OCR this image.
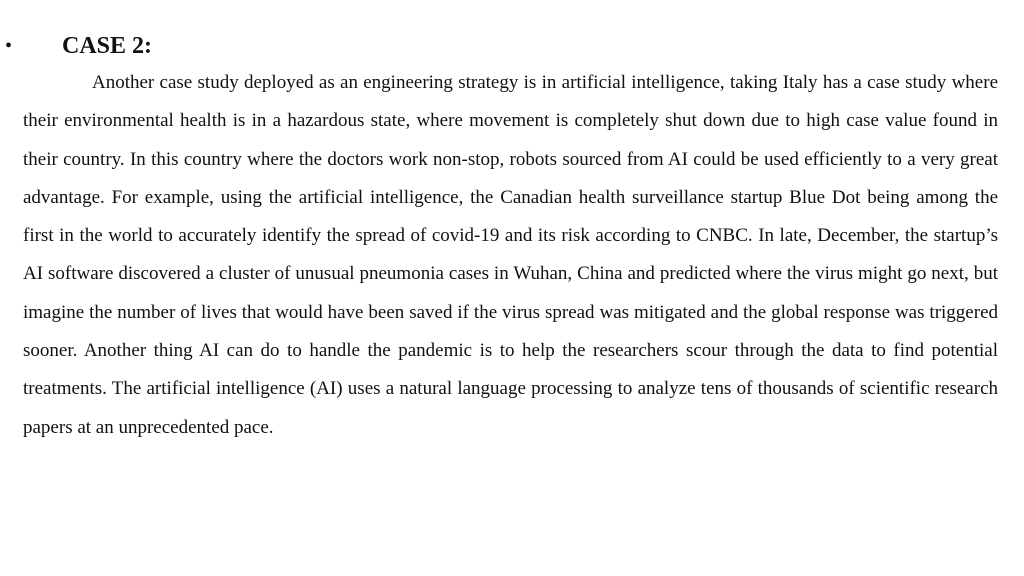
• CASE 2:

Another case study deployed as an engineering strategy is in artificial intelligence, taking Italy has a case study where their environmental health is in a hazardous state, where movement is completely shut down due to high case value found in their country. In this country where the doctors work non-stop, robots sourced from AI could be used efficiently to a very great advantage. For example, using the artificial intelligence, the Canadian health surveillance startup Blue Dot being among the first in the world to accurately identify the spread of covid-19 and its risk according to CNBC. In late, December, the startup’s AI software discovered a cluster of unusual pneumonia cases in Wuhan, China and predicted where the virus might go next, but imagine the number of lives that would have been saved if the virus spread was mitigated and the global response was triggered sooner. Another thing AI can do to handle the pandemic is to help the researchers scour through the data to find potential treatments. The artificial intelligence (AI) uses a natural language processing to analyze tens of thousands of scientific research papers at an unprecedented pace.
